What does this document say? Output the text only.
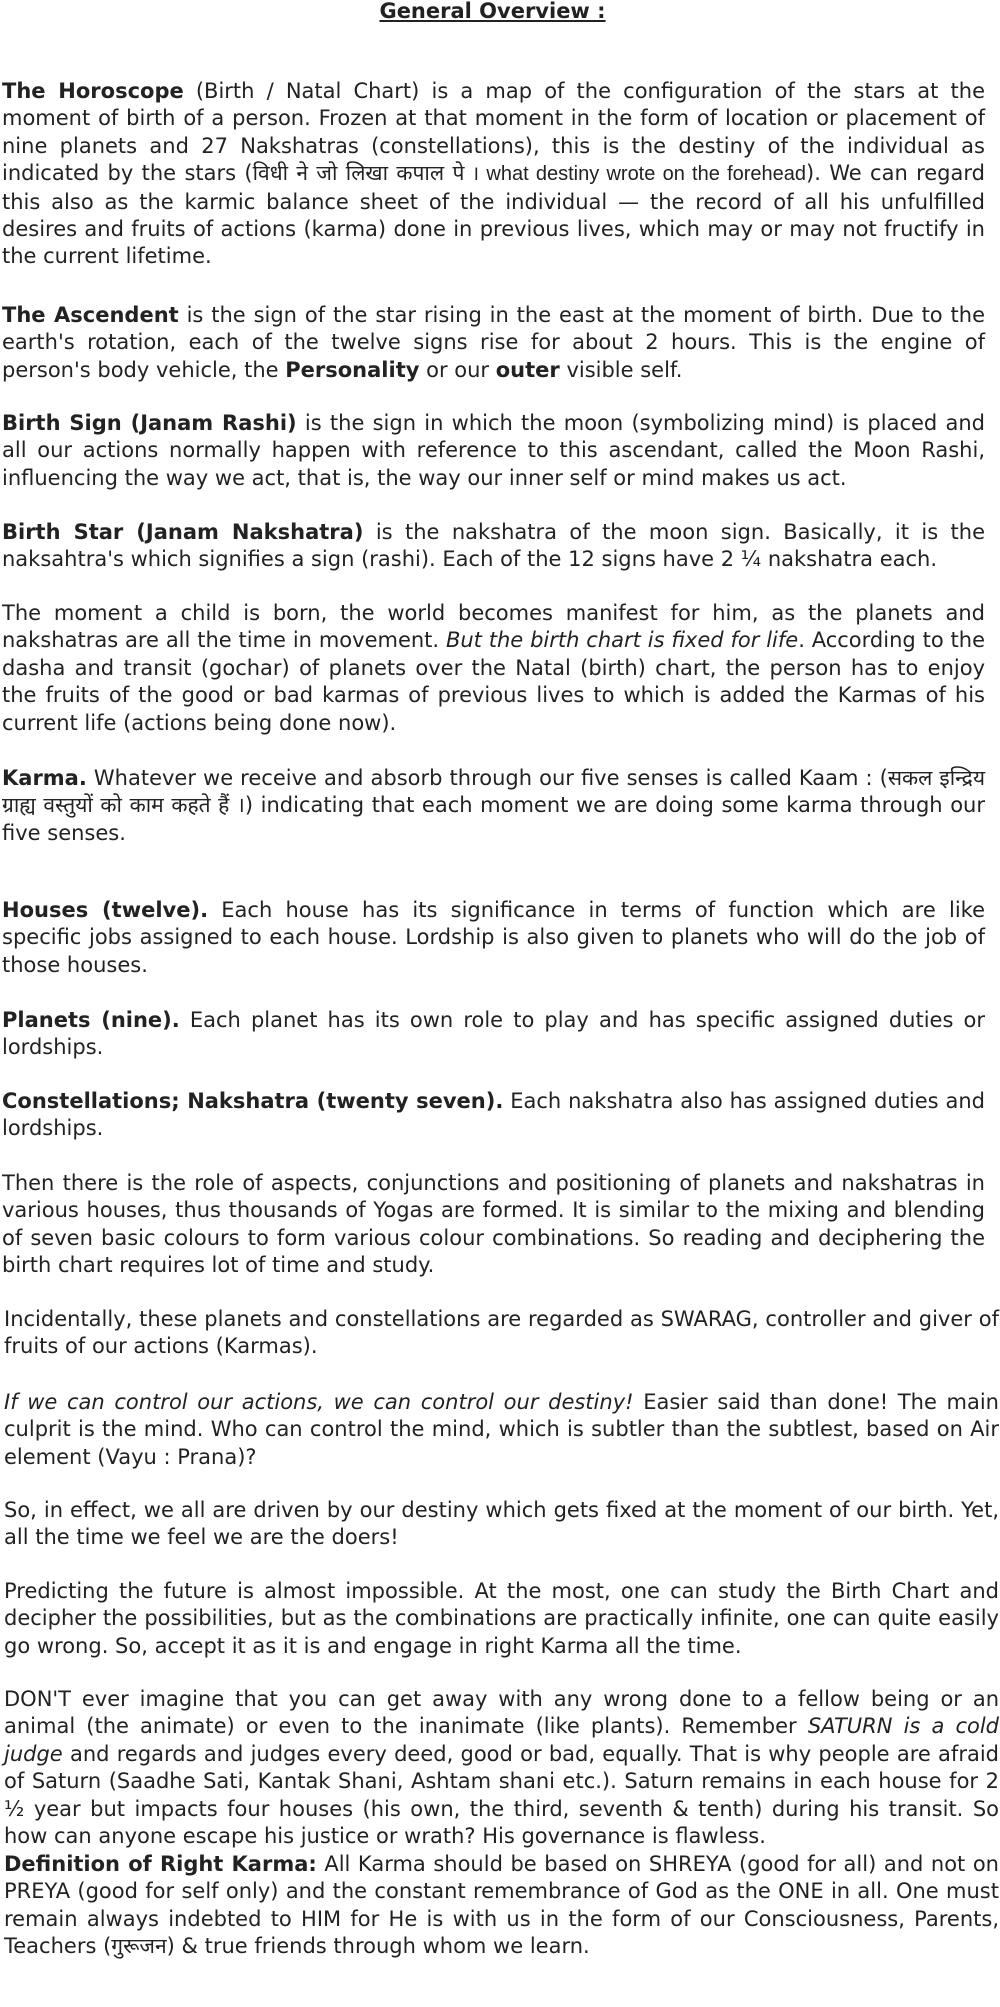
General Overview :

The Horoscope (Birth / Natal Chart) is a map of the configuration of the stars at the moment of birth of a person. Frozen at that moment in the form of location or placement of nine planets and 27 Nakshatras (constellations), this is the destiny of the individual as indicated by the stars (विधी ने जो लिखा कपाल पे । what destiny wrote on the forehead). We can regard this also as the karmic balance sheet of the individual — the record of all his unfulfilled desires and fruits of actions (karma) done in previous lives, which may or may not fructify in the current lifetime.

The Ascendent is the sign of the star rising in the east at the moment of birth. Due to the earth's rotation, each of the twelve signs rise for about 2 hours. This is the engine of person's body vehicle, the Personality or our outer visible self.

Birth Sign (Janam Rashi) is the sign in which the moon (symbolizing mind) is placed and all our actions normally happen with reference to this ascendant, called the Moon Rashi, influencing the way we act, that is, the way our inner self or mind makes us act.

Birth Star (Janam Nakshatra) is the nakshatra of the moon sign. Basically, it is the naksahtra's which signifies a sign (rashi). Each of the 12 signs have 2 ¼ nakshatra each.

The moment a child is born, the world becomes manifest for him, as the planets and nakshatras are all the time in movement. But the birth chart is fixed for life. According to the dasha and transit (gochar) of planets over the Natal (birth) chart, the person has to enjoy the fruits of the good or bad karmas of previous lives to which is added the Karmas of his current life (actions being done now).

Karma. Whatever we receive and absorb through our five senses is called Kaam : (सकल इन्द्रिय ग्राह्य वस्तुयों को काम कहते हैं ।) indicating that each moment we are doing some karma through our five senses.

Houses (twelve). Each house has its significance in terms of function which are like specific jobs assigned to each house. Lordship is also given to planets who will do the job of those houses.

Planets (nine). Each planet has its own role to play and has specific assigned duties or lordships.

Constellations; Nakshatra (twenty seven). Each nakshatra also has assigned duties and lordships.

Then there is the role of aspects, conjunctions and positioning of planets and nakshatras in various houses, thus thousands of Yogas are formed. It is similar to the mixing and blending of seven basic colours to form various colour combinations. So reading and deciphering the birth chart requires lot of time and study.

Incidentally, these planets and constellations are regarded as SWARAG, controller and giver of fruits of our actions (Karmas).

If we can control our actions, we can control our destiny! Easier said than done! The main culprit is the mind. Who can control the mind, which is subtler than the subtlest, based on Air element (Vayu : Prana)?

So, in effect, we all are driven by our destiny which gets fixed at the moment of our birth. Yet, all the time we feel we are the doers!

Predicting the future is almost impossible. At the most, one can study the Birth Chart and decipher the possibilities, but as the combinations are practically infinite, one can quite easily go wrong. So, accept it as it is and engage in right Karma all the time.

DON'T ever imagine that you can get away with any wrong done to a fellow being or an animal (the animate) or even to the inanimate (like plants). Remember SATURN is a cold judge and regards and judges every deed, good or bad, equally. That is why people are afraid of Saturn (Saadhe Sati, Kantak Shani, Ashtam shani etc.). Saturn remains in each house for 2 ½ year but impacts four houses (his own, the third, seventh & tenth) during his transit. So how can anyone escape his justice or wrath? His governance is flawless.

Definition of Right Karma: All Karma should be based on SHREYA (good for all) and not on PREYA (good for self only) and the constant remembrance of God as the ONE in all. One must remain always indebted to HIM for He is with us in the form of our Consciousness, Parents, Teachers (गुरूजन) & true friends through whom we learn.
